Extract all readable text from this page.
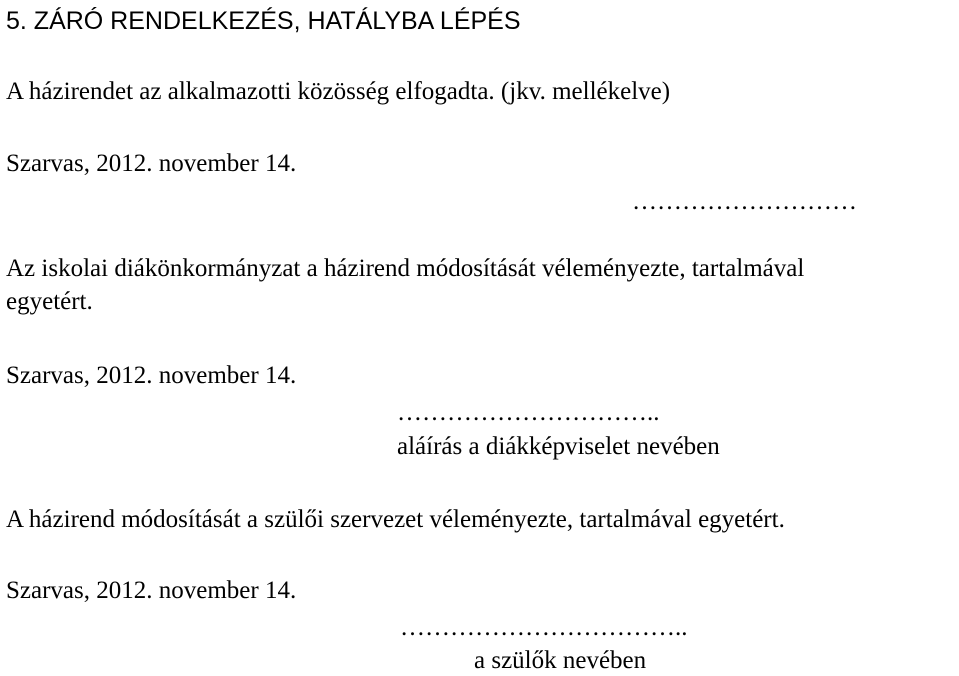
5. ZÁRÓ RENDELKEZÉS, HATÁLYBA LÉPÉS
A házirendet az alkalmazotti közösség elfogadta. (jkv. mellékelve)
Szarvas, 2012. november 14.
………………………
Az iskolai diákönkormányzat a házirend módosítását véleményezte, tartalmával
egyetért.
Szarvas, 2012. november 14.
…………………………..
aláírás a diákképviselet nevében
A házirend módosítását a szülői szervezet véleményezte, tartalmával egyetért.
Szarvas, 2012. november 14.
……………………………..
a szülők nevében
